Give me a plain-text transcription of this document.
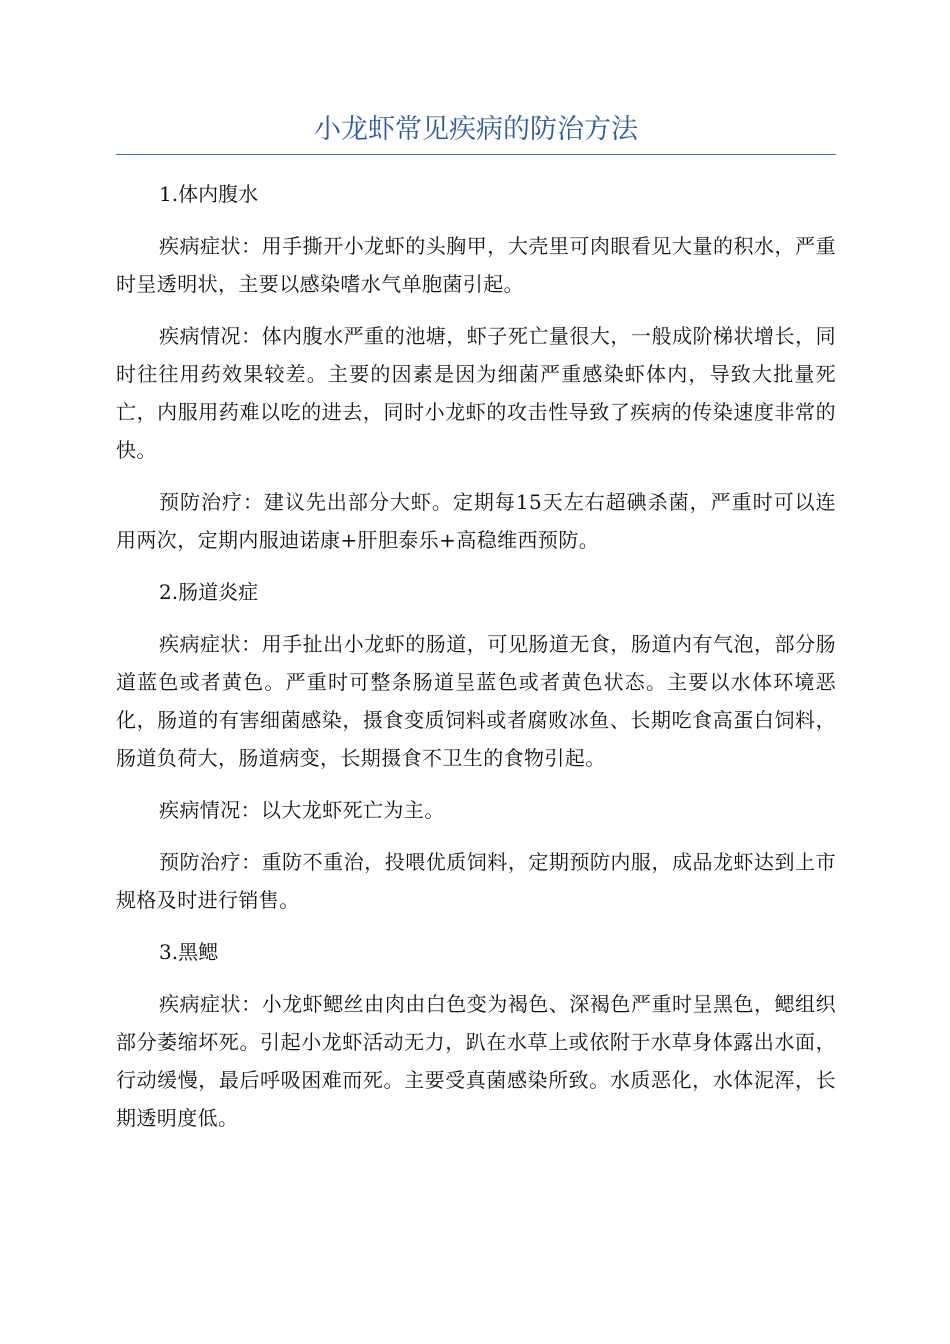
小龙虾常见疾病的防治方法

1.体内腹水

疾病症状：用手撕开小龙虾的头胸甲，大壳里可肉眼看见大量的积水，严重时呈透明状，主要以感染嗜水气单胞菌引起。

疾病情况：体内腹水严重的池塘，虾子死亡量很大，一般成阶梯状增长，同时往往用药效果较差。主要的因素是因为细菌严重感染虾体内，导致大批量死亡，内服用药难以吃的进去，同时小龙虾的攻击性导致了疾病的传染速度非常的快。

预防治疗：建议先出部分大虾。定期每15天左右超碘杀菌，严重时可以连用两次，定期内服迪诺康+肝胆泰乐+高稳维西预防。

2.肠道炎症

疾病症状：用手扯出小龙虾的肠道，可见肠道无食，肠道内有气泡，部分肠道蓝色或者黄色。严重时可整条肠道呈蓝色或者黄色状态。主要以水体环境恶化，肠道的有害细菌感染，摄食变质饲料或者腐败冰鱼、长期吃食高蛋白饲料，肠道负荷大，肠道病变，长期摄食不卫生的食物引起。

疾病情况：以大龙虾死亡为主。

预防治疗：重防不重治，投喂优质饲料，定期预防内服，成品龙虾达到上市规格及时进行销售。

3.黑鳃

疾病症状：小龙虾鳃丝由肉由白色变为褐色、深褐色严重时呈黑色，鳃组织部分萎缩坏死。引起小龙虾活动无力，趴在水草上或依附于水草身体露出水面，行动缓慢，最后呼吸困难而死。主要受真菌感染所致。水质恶化，水体泥浑，长期透明度低。
